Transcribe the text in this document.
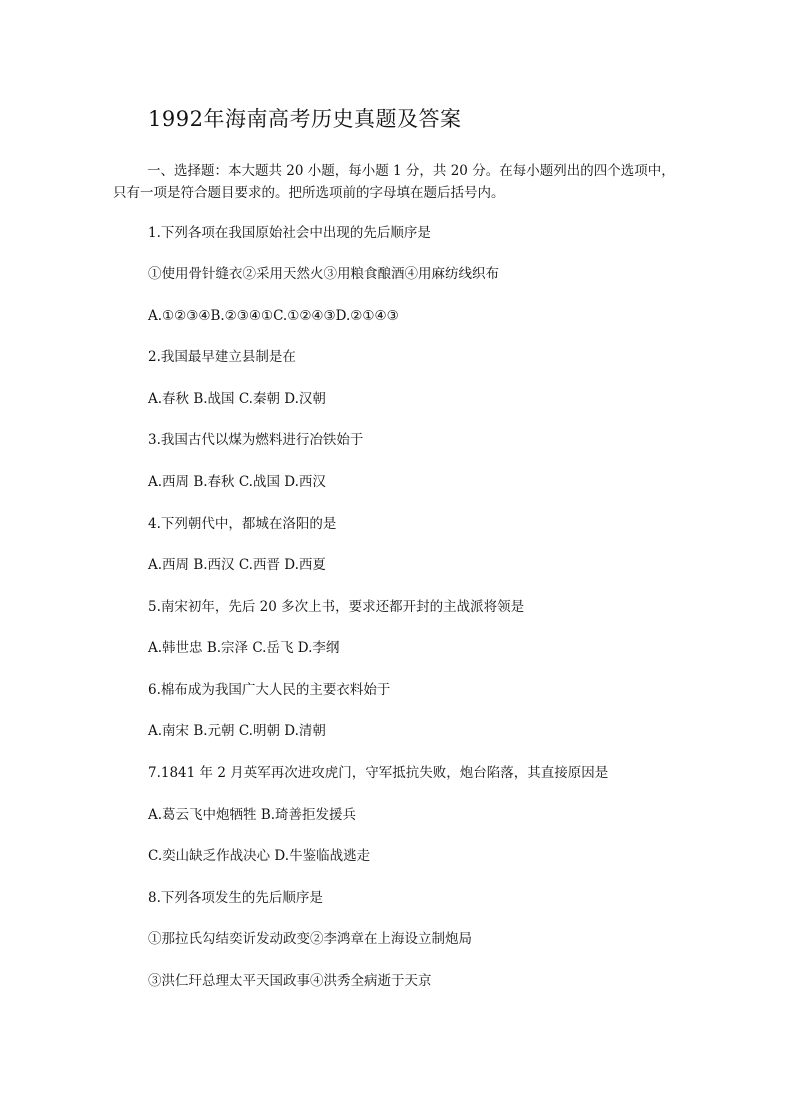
1992年海南高考历史真题及答案

一、选择题：本大题共 20 小题，每小题 1 分，共 20 分。在每小题列出的四个选项中，

只有一项是符合题目要求的。把所选项前的字母填在题后括号内。

1.下列各项在我国原始社会中出现的先后顺序是
①使用骨针缝衣②采用天然火③用粮食酿酒④用麻纺线织布
A.①②③④B.②③④①C.①②④③D.②①④③
2.我国最早建立县制是在
A.春秋 B.战国 C.秦朝 D.汉朝
3.我国古代以煤为燃料进行冶铁始于
A.西周 B.春秋 C.战国 D.西汉
4.下列朝代中，都城在洛阳的是
A.西周 B.西汉 C.西晋 D.西夏
5.南宋初年，先后 20 多次上书，要求还都开封的主战派将领是
A.韩世忠 B.宗泽 C.岳飞 D.李纲
6.棉布成为我国广大人民的主要衣料始于
A.南宋 B.元朝 C.明朝 D.清朝
7.1841 年 2 月英军再次进攻虎门，守军抵抗失败，炮台陷落，其直接原因是
A.葛云飞中炮牺牲 B.琦善拒发援兵
C.奕山缺乏作战决心 D.牛鉴临战逃走
8.下列各项发生的先后顺序是
①那拉氏勾结奕䜣发动政变②李鸿章在上海设立制炮局
③洪仁玕总理太平天国政事④洪秀全病逝于天京
